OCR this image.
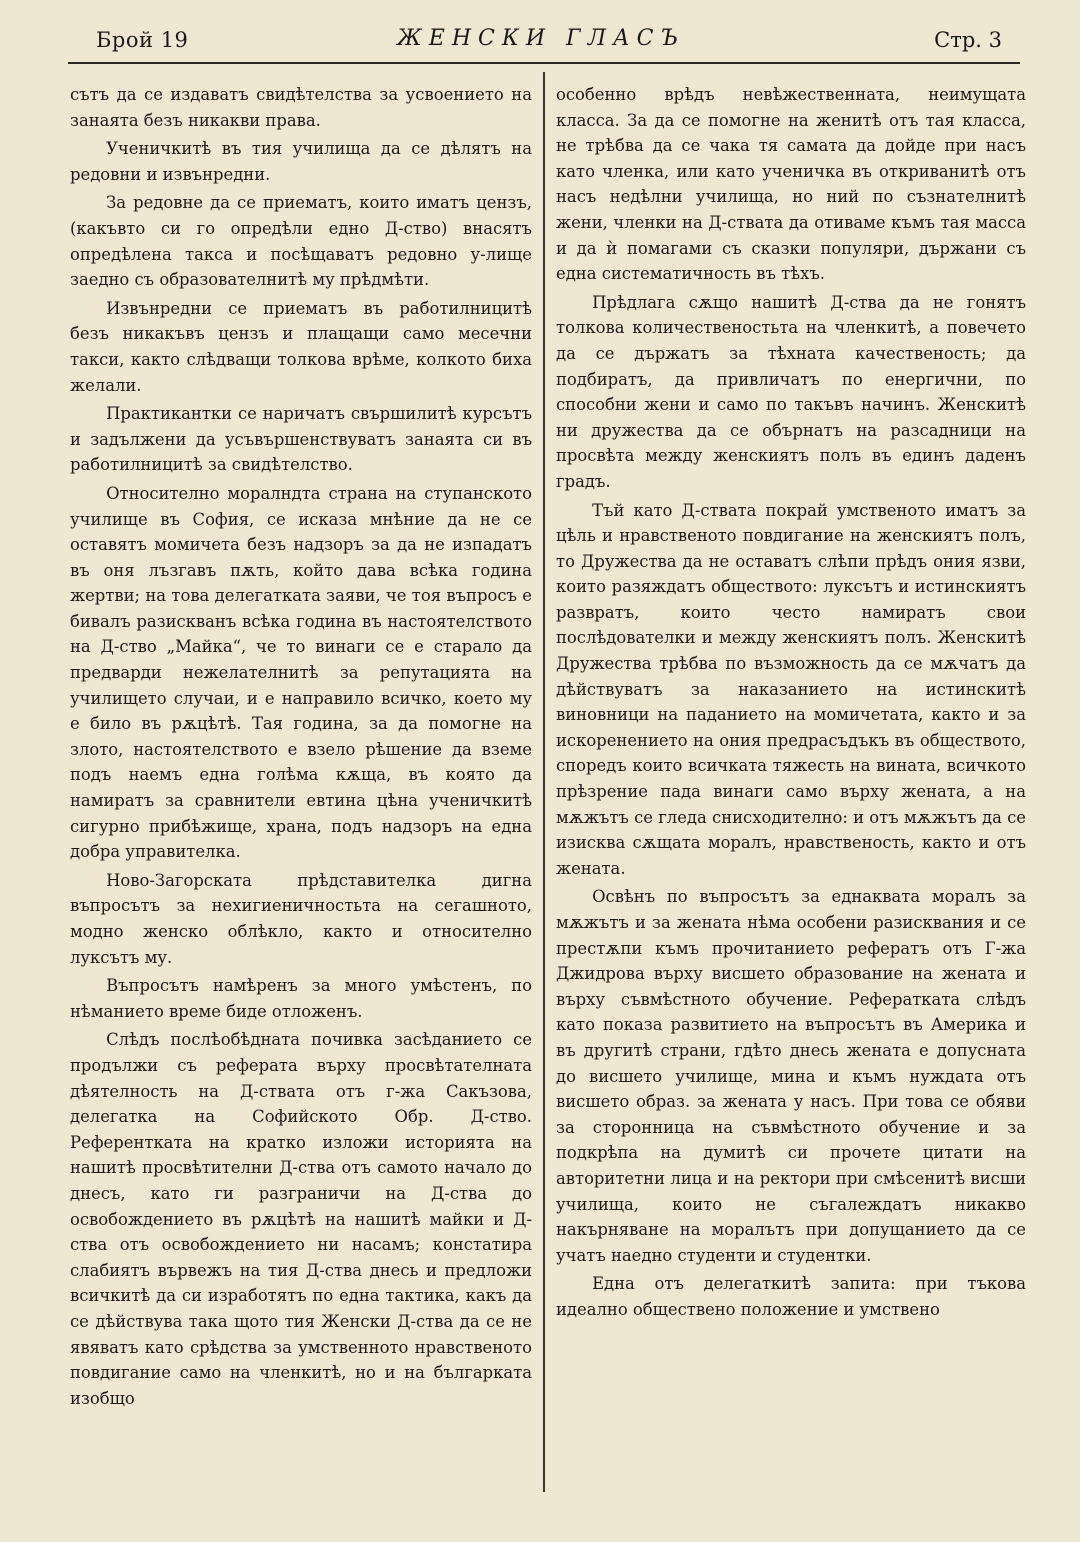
Брой 19	ЖЕНСКИ ГЛАСЪ	Стр. 3

сътъ да се издаватъ свидѣтелства за усвоението на занаята безъ никакви права.

Ученичкитѣ въ тия училища да се дѣлятъ на редовни и извънредни.

За редовне да се приематъ, които иматъ цензъ, (какъвто си го опредѣли едно Д-ство) внасятъ опредѣлена такса и посѣщаватъ редовно у-лище заедно съ образователнитѣ му прѣдмѣти.

Извънредни се приематъ въ работилницитѣ безъ никакъвъ цензъ и плащащи само месечни такси, както слѣдващи толкова врѣме, колкото биха желали.

Практикантки се наричатъ свършилитѣ курсътъ и задължени да усъвършенствуватъ занаята си въ работилницитѣ за свидѣтелство.

Относително моралндта страна на ступанското училище въ София, се исказа мнѣние да не се оставятъ момичета безъ надзоръ за да не изпадатъ въ оня лъзгавъ пѫть, който дава всѣка година жертви; на това делегатката заяви, че тоя въпросъ е бивалъ разискванъ всѣка година въ настоятелството на Д-ство „Майка“, че то винаги се е старало да предварди нежелателнитѣ за репутацията на училището случаи, и е направило всичко, което му е било въ рѫцѣтѣ. Тая година, за да помогне на злото, настоятелството е взело рѣшение да вземе подъ наемъ една голѣма кѫща, въ която да намиратъ за сравнители евтина цѣна ученичкитѣ сигурно прибѣжище, храна, подъ надзоръ на една добра управителка.

Ново-Загорската прѣдставителка дигна въпросътъ за нехигиеничностьта на сегашното, модно женско облѣкло, както и относително луксътъ му.

Въпросътъ намѣренъ за много умѣстенъ, по нѣманието време биде отложенъ.

Слѣдъ послѣобѣдната почивка засѣданието се продължи съ реферата върху просвѣтателната дѣятелность на Д-ствата отъ г-жа Сакъзова, делегатка на Софийското Обр. Д-ство. Референтката на кратко изложи историята на нашитѣ просвѣтителни Д-ства отъ самото начало до днесъ, като ги разграничи на Д-ства до освобождението въ рѫцѣтѣ на нашитѣ майки и Д-ства отъ освобождението ни насамъ; констатира слабиятъ вървежъ на тия Д-ства днесь и предложи всичкитѣ да си изработятъ по една тактика, какъ да се дѣйствува така щото тия Женски Д-ства да се не явяватъ като срѣдства за умственното нравственото повдигание само на членкитѣ, но и на българката изобщо

особенно врѣдъ невѣжественната, неимущата класса. За да се помогне на женитѣ отъ тая класса, не трѣбва да се чака тя самата да дойде при насъ като членка, или като ученичка въ откриванитѣ отъ насъ недѣлни училища, но ний по съзнателнитѣ жени, членки на Д-ствата да отиваме къмъ тая масса и да ѝ помагами съ сказки популяри, държани съ една систематичность въ тѣхъ.

Прѣдлага сѫщо нашитѣ Д-ства да не гонятъ толкова количественостьта на членкитѣ, а повечето да се държатъ за тѣхната качественость; да подбиратъ, да привличатъ по енергични, по способни жени и само по такъвъ начинъ. Женскитѣ ни дружества да се обърнатъ на разсадници на просвѣта между женскиятъ полъ въ единъ даденъ градъ.

Тъй като Д-ствата покрай умственото иматъ за цѣль и нравственото повдигание на женскиятъ полъ, то Дружества да не оставатъ слѣпи прѣдъ ония язви, които разяждатъ обществото: луксътъ и истинскиятъ развратъ, които често намиратъ свои послѣдователки и между женскиятъ полъ. Женскитѣ Дружества трѣбва по възможность да се мѫчатъ да дѣйствуватъ за наказанието на истинскитѣ виновници на паданието на момичетата, както и за искоренението на ония предрасъдъкъ въ обществото, споредъ които всичката тяжесть на вината, всичкото прѣзрение пада винаги само върху жената, а на мѫжътъ се гледа снисходително: и отъ мѫжътъ да се изисква сѫщата моралъ, нравственость, както и отъ жената.

Освѣнъ по въпросътъ за еднаквата моралъ за мѫжътъ и за жената нѣма особени разисквания и се престѫпи къмъ прочитанието рефератъ отъ Г-жа Джидрова върху висшето образование на жената и върху съвмѣстното обучение. Рефератката слѣдъ като показа развитието на въпросътъ въ Америка и въ другитѣ страни, гдѣто днесь жената е допусната до висшето училище, мина и къмъ нуждата отъ висшето образ. за жената у насъ. При това се обяви за сторонница на съвмѣстното обучение и за подкрѣпа на думитѣ си прочете цитати на авторитетни лица и на ректори при смѣсенитѣ висши училища, които не съгалеждатъ никакво накърняване на моралътъ при допущанието да се учатъ наедно студенти и студентки.

Една отъ делегаткитѣ запита: при тъкова идеално обществено положение и умствено
